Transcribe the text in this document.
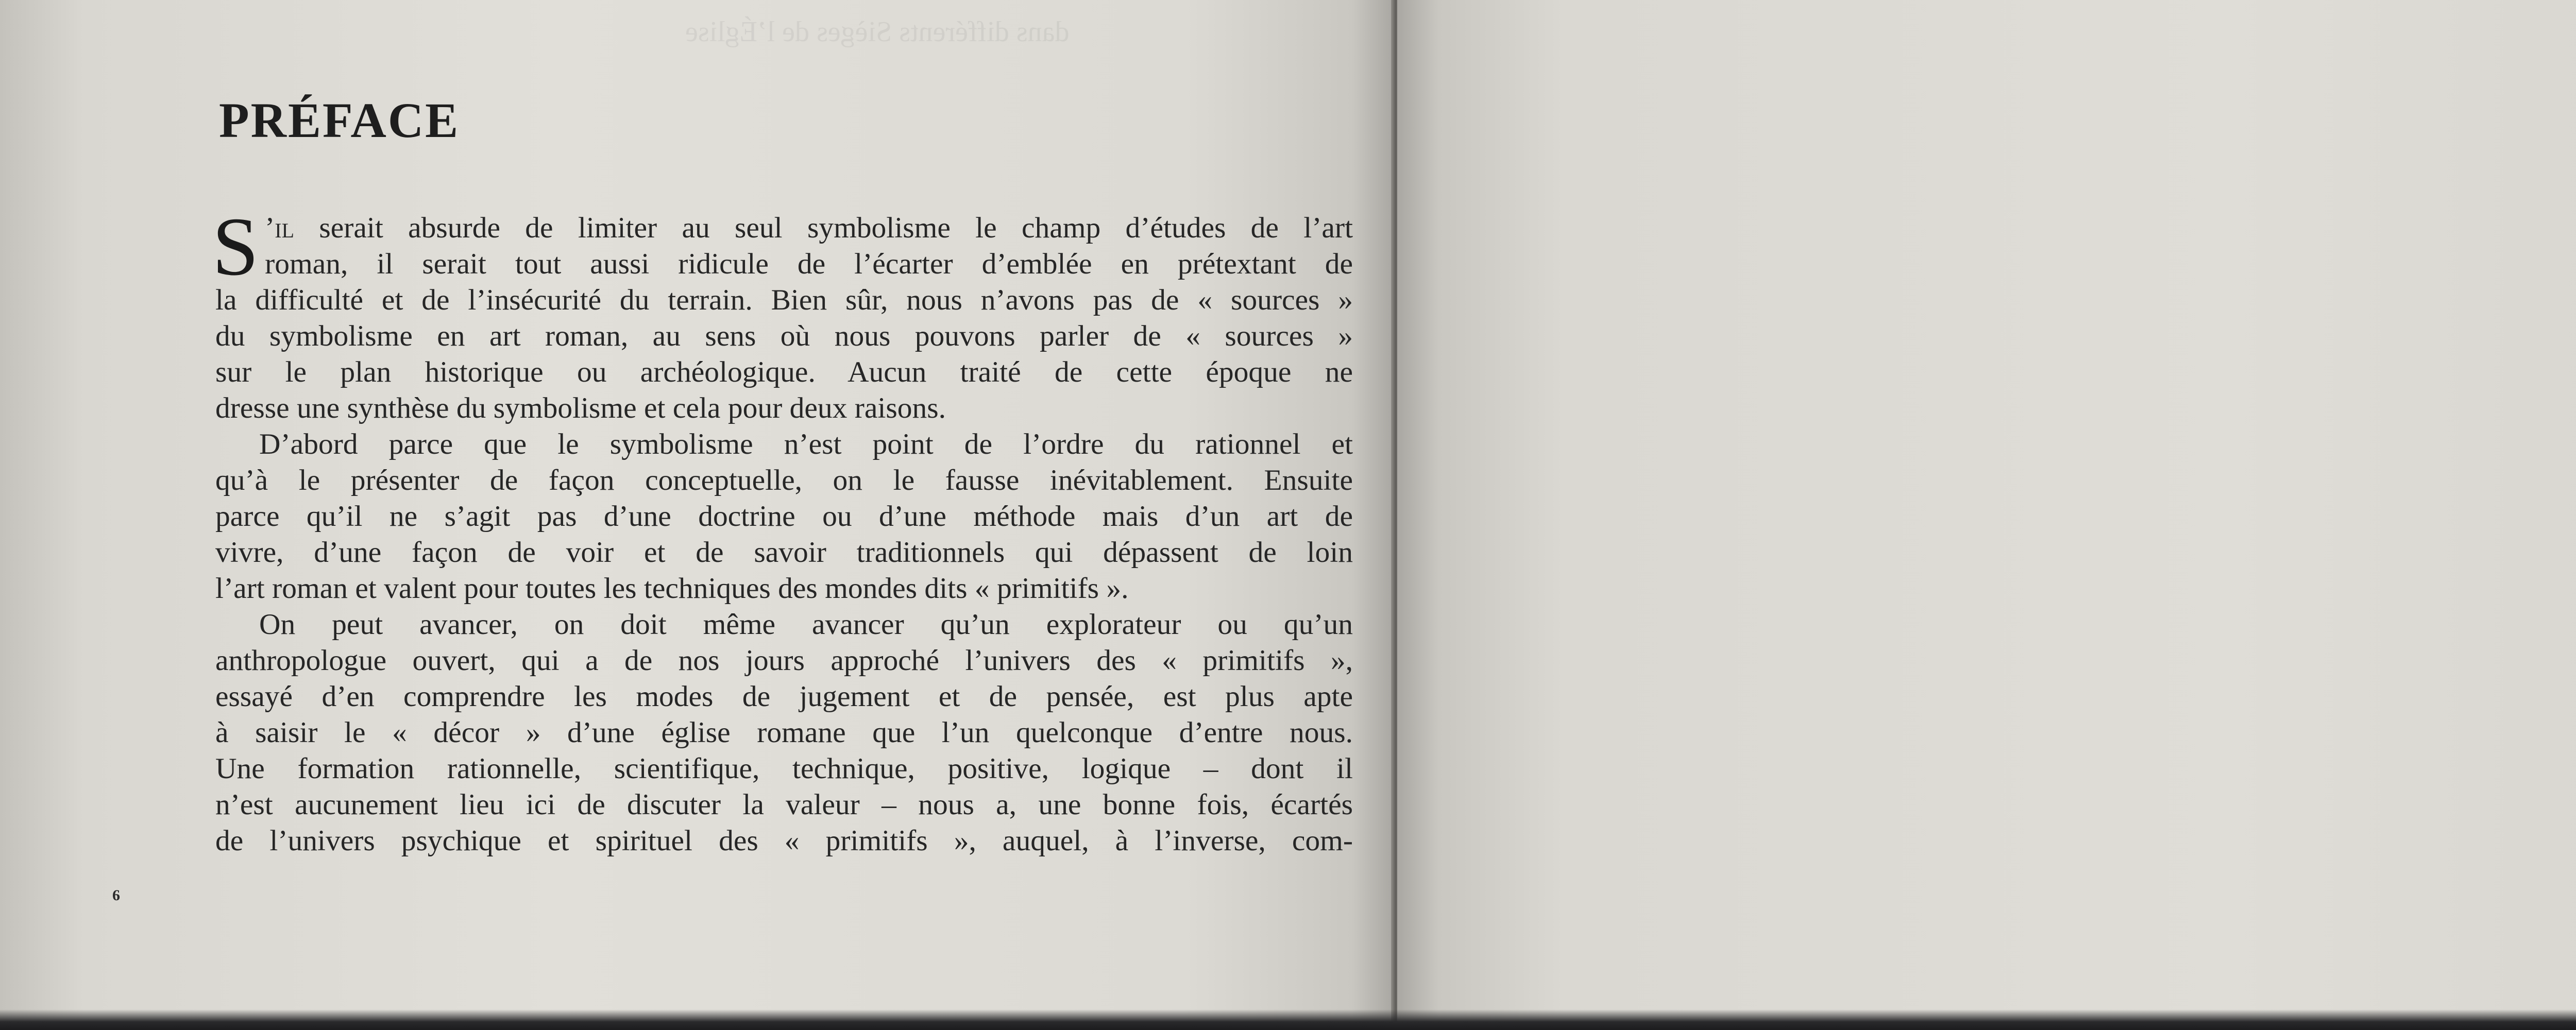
dans différents Sièges de l’Église

PRÉFACE
S ’il serait absurde de limiter au seul symbolisme le champ d’études de l’art
roman, il serait tout aussi ridicule de l’écarter d’emblée en prétextant de
la difficulté et de l’insécurité du terrain. Bien sûr, nous n’avons pas de « sources »
du symbolisme en art roman, au sens où nous pouvons parler de « sources »
sur le plan historique ou archéologique. Aucun traité de cette époque ne
dresse une synthèse du symbolisme et cela pour deux raisons.
D’abord parce que le symbolisme n’est point de l’ordre du rationnel et
qu’à le présenter de façon conceptuelle, on le fausse inévitablement. Ensuite
parce qu’il ne s’agit pas d’une doctrine ou d’une méthode mais d’un art de
vivre, d’une façon de voir et de savoir traditionnels qui dépassent de loin
l’art roman et valent pour toutes les techniques des mondes dits « primitifs ».
On peut avancer, on doit même avancer qu’un explorateur ou qu’un
anthropologue ouvert, qui a de nos jours approché l’univers des « primitifs »,
essayé d’en comprendre les modes de jugement et de pensée, est plus apte
à saisir le « décor » d’une église romane que l’un quelconque d’entre nous.
Une formation rationnelle, scientifique, technique, positive, logique – dont il
n’est aucunement lieu ici de discuter la valeur – nous a, une bonne fois, écartés
de l’univers psychique et spirituel des « primitifs », auquel, à l’inverse, com-

6
